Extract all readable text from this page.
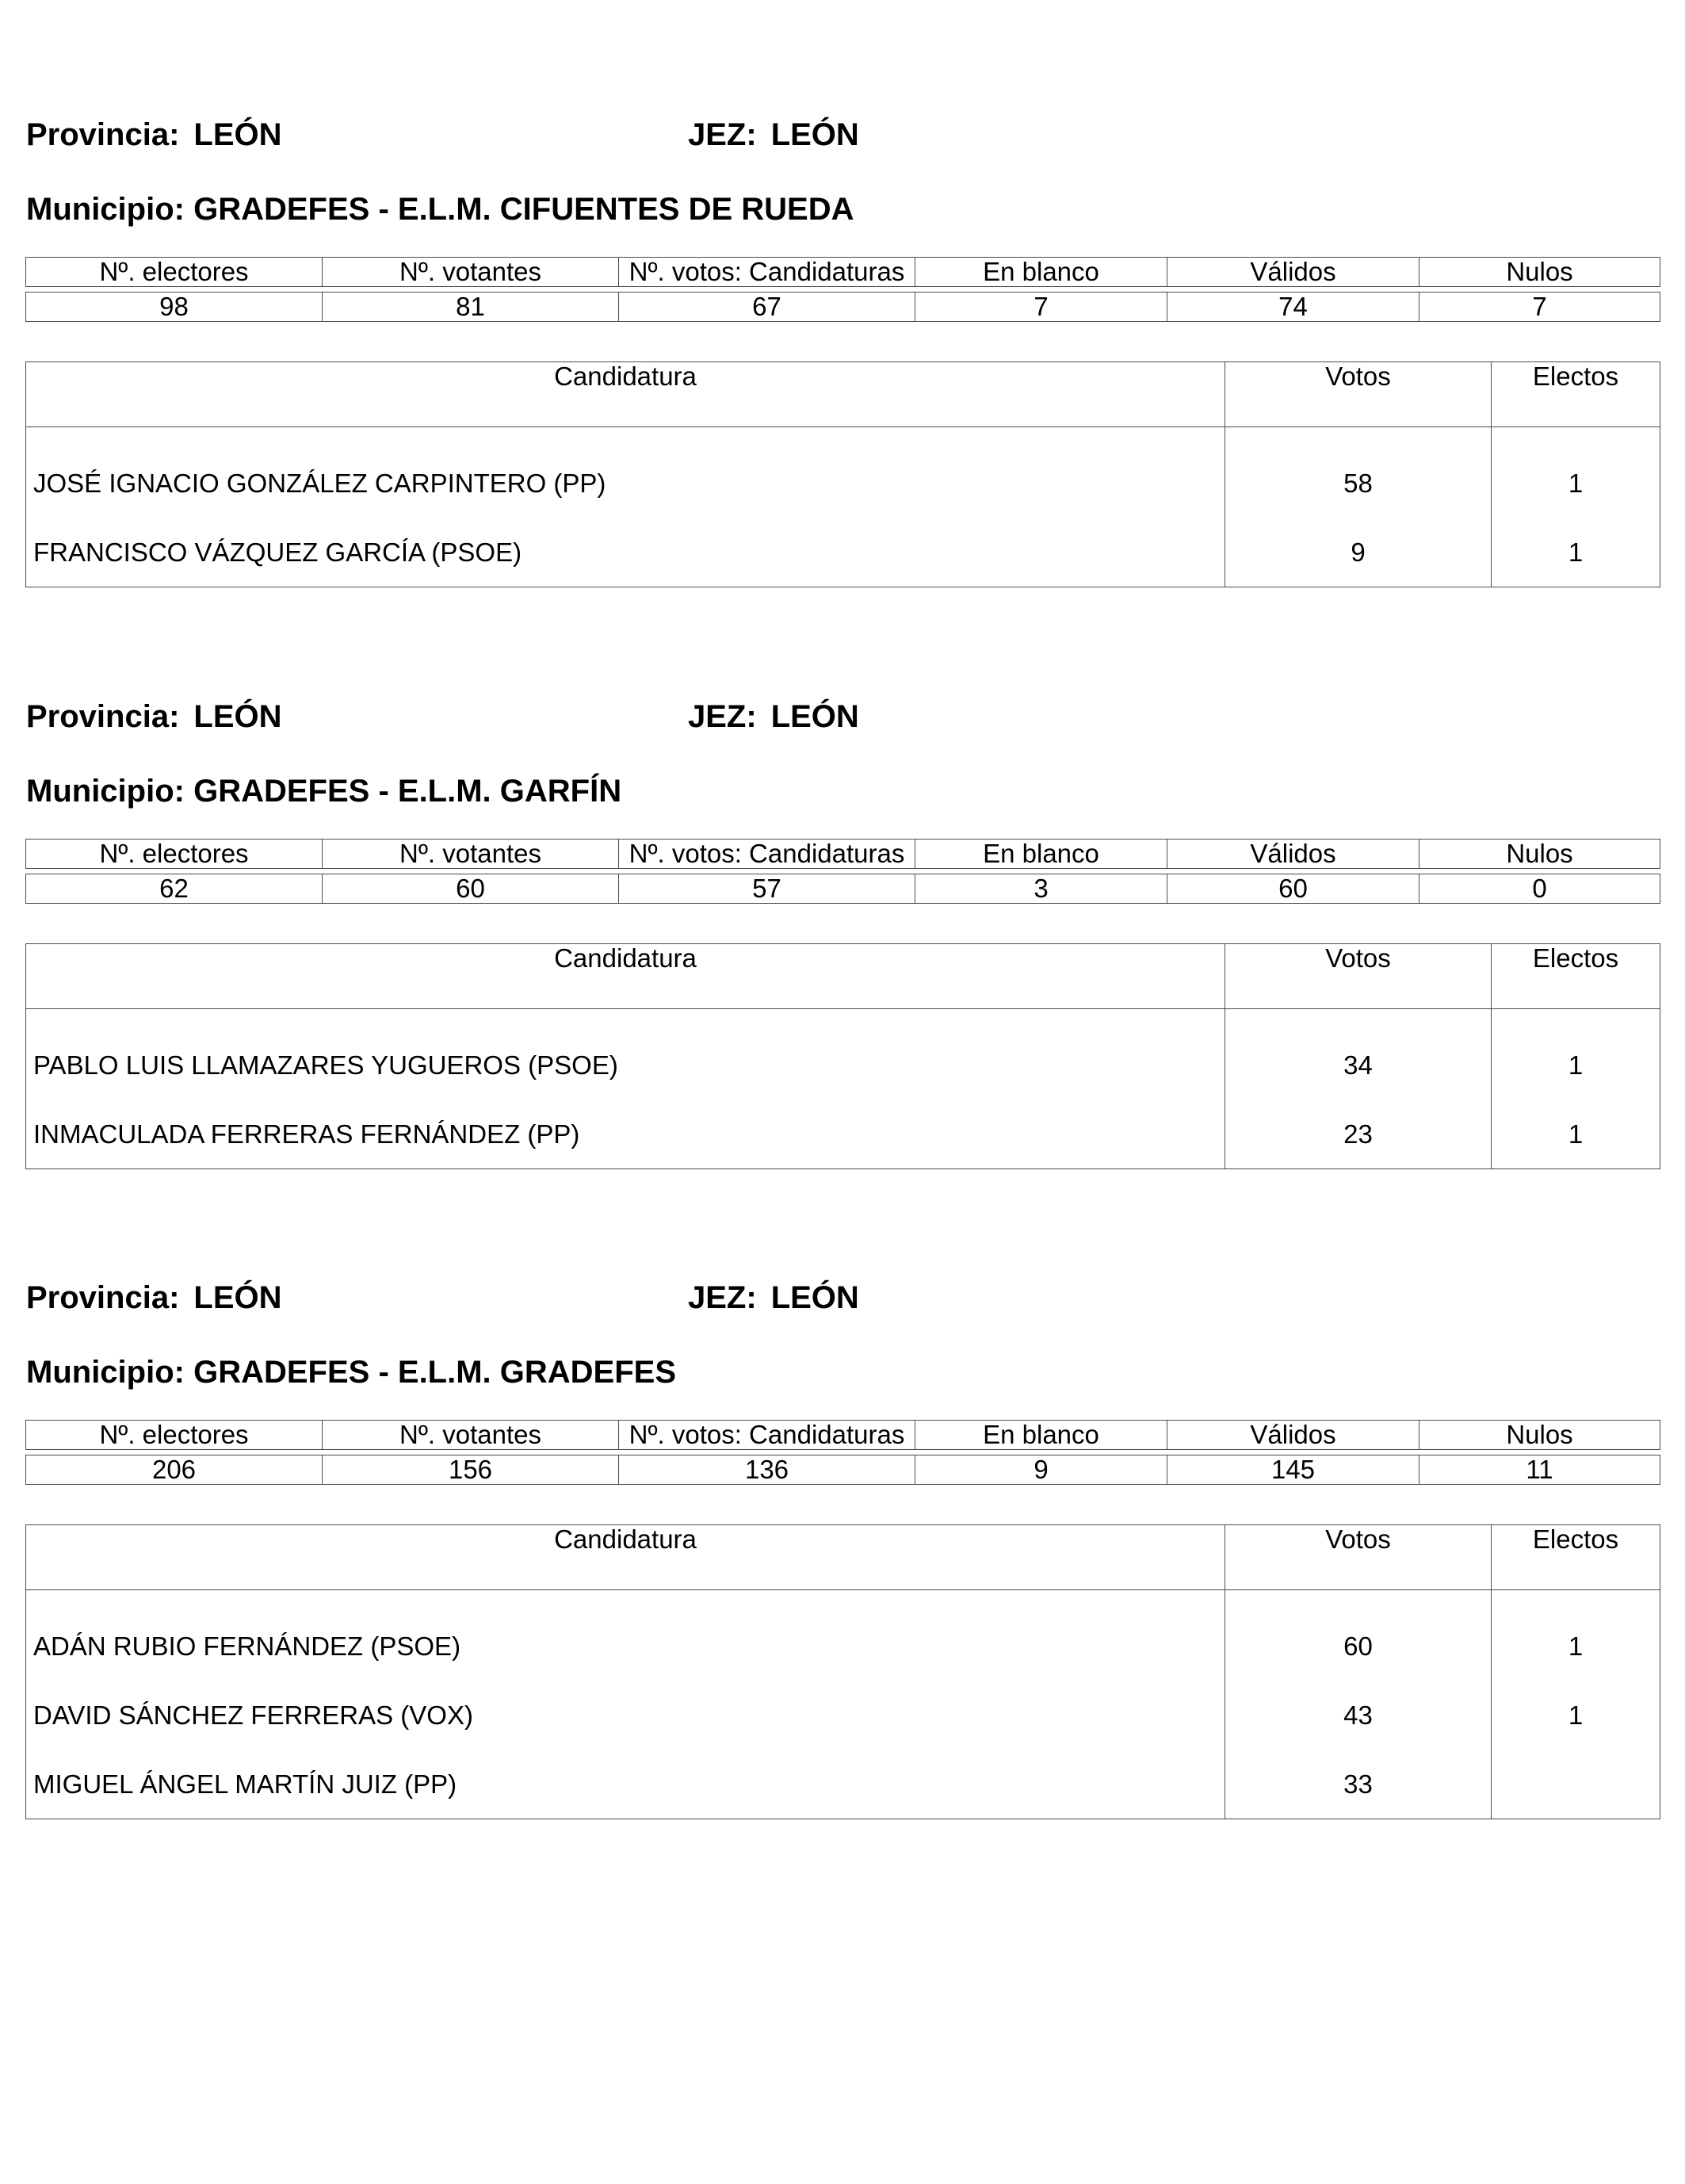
Provincia: LEÓN	JEZ: LEÓN
Municipio: GRADEFES - E.L.M. CIFUENTES DE RUEDA
Nº. electores	Nº. votantes	Nº. votos: Candidaturas	En blanco	Válidos	Nulos
98	81	67	7	74	7
Candidatura	Votos	Electos
JOSÉ IGNACIO GONZÁLEZ CARPINTERO (PP)	58	1
FRANCISCO VÁZQUEZ GARCÍA (PSOE)	9	1
Provincia: LEÓN	JEZ: LEÓN
Municipio: GRADEFES - E.L.M. GARFÍN
Nº. electores	Nº. votantes	Nº. votos: Candidaturas	En blanco	Válidos	Nulos
62	60	57	3	60	0
Candidatura	Votos	Electos
PABLO LUIS LLAMAZARES YUGUEROS (PSOE)	34	1
INMACULADA FERRERAS FERNÁNDEZ (PP)	23	1
Provincia: LEÓN	JEZ: LEÓN
Municipio: GRADEFES - E.L.M. GRADEFES
Nº. electores	Nº. votantes	Nº. votos: Candidaturas	En blanco	Válidos	Nulos
206	156	136	9	145	11
Candidatura	Votos	Electos
ADÁN RUBIO FERNÁNDEZ (PSOE)	60	1
DAVID SÁNCHEZ FERRERAS (VOX)	43	1
MIGUEL ÁNGEL MARTÍN JUIZ (PP)	33	
